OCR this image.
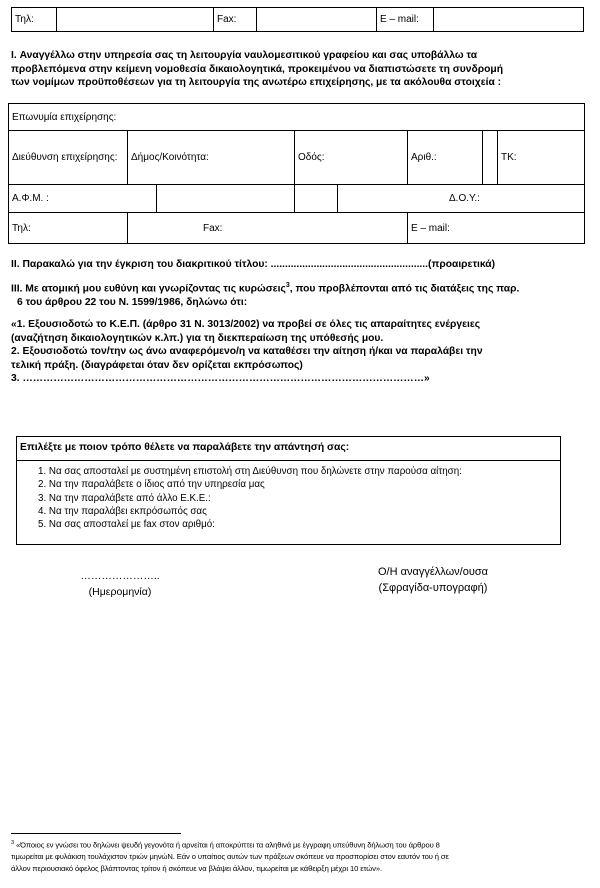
Τηλ:		Fax:		E – mail:	
I. Αναγγέλλω στην υπηρεσία σας τη λειτουργία ναυλομεσιτικού γραφείου και σας υποβάλλω τα
προβλεπόμενα στην κείμενη νομοθεσία δικαιολογητικά, προκειμένου να διαπιστώσετε τη συνδρομή
των νομίμων προϋποθέσεων για τη λειτουργία της ανωτέρω επιχείρησης, με τα ακόλουθα στοιχεία :
Επωνυμία επιχείρησης:					
Διεύθυνση επιχείρησης:	Δήμος/Κοινότητα:	Οδός:	Αριθ.:		ΤΚ:
Α.Φ.Μ. :		Δ.Ο.Υ.:			
Τηλ:	Fax:		E – mail:		
II. Παρακαλώ για την έγκριση του διακριτικού τίτλου: .......................................................(προαιρετικά)
III. Με ατομική μου ευθύνη και γνωρίζοντας τις κυρώσεις$^3$, που προβλέπονται από τις διατάξεις της παρ.
6 του άρθρου 22 του Ν. 1599/1986, δηλώνω ότι:
«1. Εξουσιοδοτώ το Κ.Ε.Π. (άρθρο 31 Ν. 3013/2002) να προβεί σε όλες τις απαραίτητες ενέργειες
(αναζήτηση δικαιολογητικών κ.λπ.) για τη διεκπεραίωση της υπόθεσής μου.
2. Εξουσιοδοτώ τον/την ως άνω αναφερόμενο/η να καταθέσει την αίτηση ή/και να παραλάβει την
τελική πράξη. (διαγράφεται όταν δεν ορίζεται εκπρόσωπος)
3. ………………………………………………………………………………………………………»
Επιλέξτε με ποιον τρόπο θέλετε να παραλάβετε την απάντησή σας:
1. Να σας αποσταλεί με συστημένη επιστολή στη Διεύθυνση που δηλώνετε στην παρούσα αίτηση:
2. Να την παραλάβετε ο ίδιος από την υπηρεσία μας
3. Να την παραλάβετε από άλλο Ε.Κ.Ε.:
4. Να την παραλάβει εκπρόσωπός σας
5. Να σας αποσταλεί με fax στον αριθμό:
…………………..
(Ημερομηνία)
Ο/Η αναγγέλλων/ουσα
(Σφραγίδα-υπογραφή)
$^3$ «Όποιος εν γνώσει του δηλώνει ψευδή γεγονότα ή αρνείται ή αποκρύπτει τα αληθινά με έγγραφη υπεύθυνη δήλωση του άρθρου 8
τιμωρείται με φυλάκιση τουλάχιστον τριών μηνώΝ. Εάν ο υπαίτιος αυτών των πράξεων σκόπευε να προσπορίσει στον εαυτόν του ή σε
άλλον περιουσιακό όφελος βλάπτοντας τρίτον ή σκόπευε να βλάψει άλλον, τιμωρείται με κάθειρξη μέχρι 10 ετών».
